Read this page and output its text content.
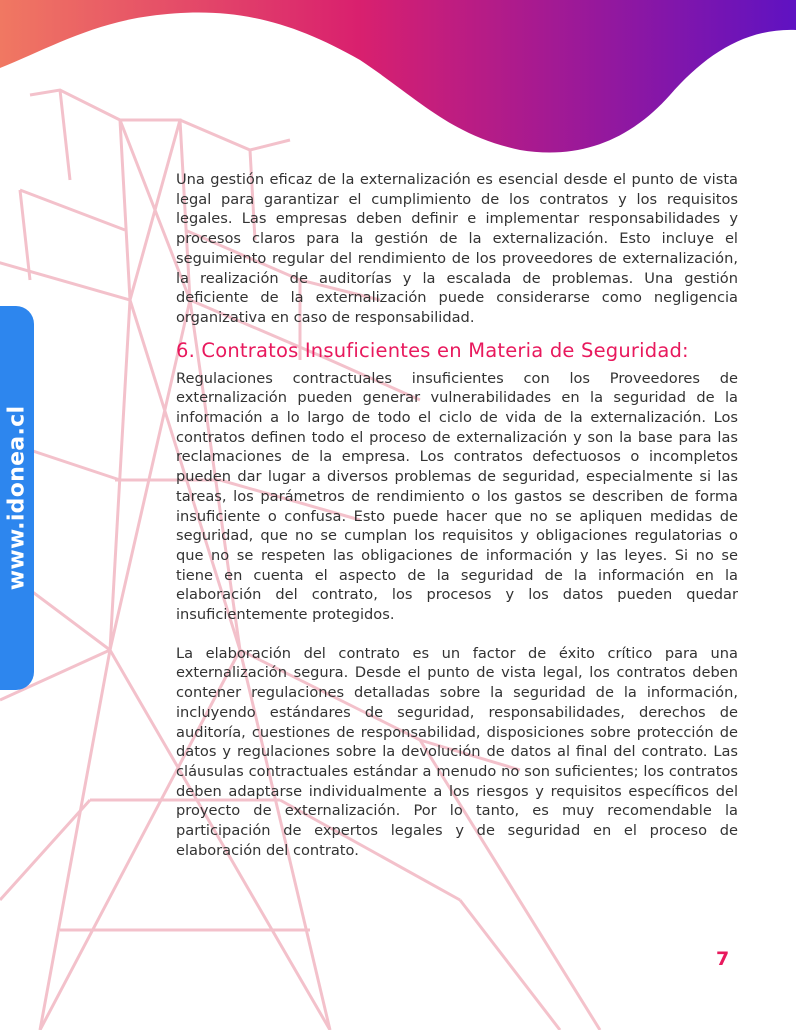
www.idonea.cl

Una gestión eficaz de la externalización es esencial desde el punto de vista legal para garantizar el cumplimiento de los contratos y los requisitos legales. Las empresas deben definir e implementar responsabilidades y procesos claros para la gestión de la externalización. Esto incluye el seguimiento regular del rendimiento de los proveedores de externalización, la realización de auditorías y la escalada de problemas. Una gestión deficiente de la externalización puede considerarse como negligencia organizativa en caso de responsabilidad.

6. Contratos Insuficientes en Materia de Seguridad:

Regulaciones contractuales insuficientes con los Proveedores de externalización pueden generar vulnerabilidades en la seguridad de la información a lo largo de todo el ciclo de vida de la externalización. Los contratos definen todo el proceso de externalización y son la base para las reclamaciones de la empresa. Los contratos defectuosos o incompletos pueden dar lugar a diversos problemas de seguridad, especialmente si las tareas, los parámetros de rendimiento o los gastos se describen de forma insuficiente o confusa. Esto puede hacer que no se apliquen medidas de seguridad, que no se cumplan los requisitos y obligaciones regulatorias o que no se respeten las obligaciones de información y las leyes. Si no se tiene en cuenta el aspecto de la seguridad de la información en la elaboración del contrato, los procesos y los datos pueden quedar insuficientemente protegidos.

La elaboración del contrato es un factor de éxito crítico para una externalización segura. Desde el punto de vista legal, los contratos deben contener regulaciones detalladas sobre la seguridad de la información, incluyendo estándares de seguridad, responsabilidades, derechos de auditoría, cuestiones de responsabilidad, disposiciones sobre protección de datos y regulaciones sobre la devolución de datos al final del contrato. Las cláusulas contractuales estándar a menudo no son suficientes; los contratos deben adaptarse individualmente a los riesgos y requisitos específicos del proyecto de externalización. Por lo tanto, es muy recomendable la participación de expertos legales y de seguridad en el proceso de elaboración del contrato.

7
